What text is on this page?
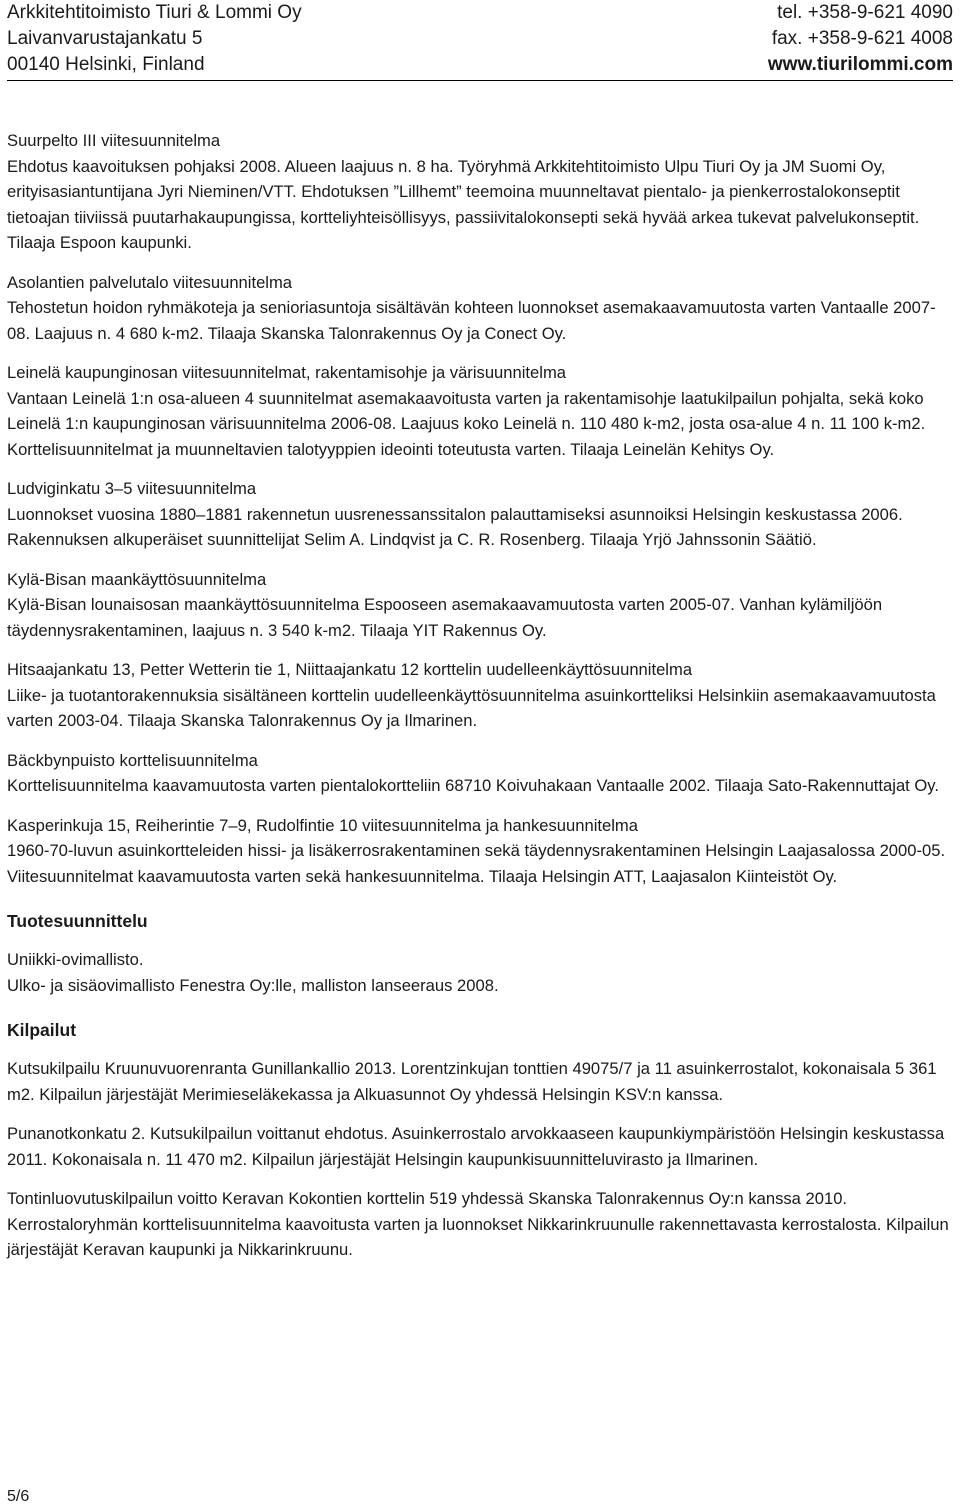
Arkkitehtitoimisto Tiuri & Lommi Oy
Laivanvarustajankatu 5
00140 Helsinki, Finland
tel. +358-9-621 4090
fax. +358-9-621 4008
www.tiurilommi.com

Suurpelto III viitesuunnitelma
Ehdotus kaavoituksen pohjaksi 2008. Alueen laajuus n. 8 ha. Työryhmä Arkkitehtitoimisto Ulpu Tiuri Oy ja JM Suomi Oy, erityisasiantuntijana Jyri Nieminen/VTT. Ehdotuksen ”Lillhemt” teemoina muunneltavat pientalo- ja pienkerrostalokonseptit tietoajan tiiviissä puutarhakaupungissa, kortteliyhteisöllisyys, passiivitalokonsepti sekä hyvää arkea tukevat palvelukonseptit. Tilaaja Espoon kaupunki.

Asolantien palvelutalo viitesuunnitelma
Tehostetun hoidon ryhmäkoteja ja senioriasuntoja sisältävän kohteen luonnokset asemakaavamuutosta varten Vantaalle 2007-08. Laajuus n. 4 680 k-m2. Tilaaja Skanska Talonrakennus Oy ja Conect Oy.

Leinelä kaupunginosan viitesuunnitelmat, rakentamisohje ja värisuunnitelma
Vantaan Leinelä 1:n osa-alueen 4 suunnitelmat asemakaavoitusta varten ja rakentamisohje laatukilpailun pohjalta, sekä koko Leinelä 1:n kaupunginosan värisuunnitelma 2006-08. Laajuus koko Leinelä n. 110 480 k-m2, josta osa-alue 4 n. 11 100 k-m2. Korttelisuunnitelmat ja muunneltavien talotyyppien ideointi toteutusta varten. Tilaaja Leinelän Kehitys Oy.

Ludviginkatu 3–5 viitesuunnitelma
Luonnokset vuosina 1880–1881 rakennetun uusrenessanssitalon palauttamiseksi asunnoiksi Helsingin keskustassa 2006. Rakennuksen alkuperäiset suunnittelijat Selim A. Lindqvist ja C. R. Rosenberg. Tilaaja Yrjö Jahnssonin Säätiö.

Kylä-Bisan maankäyttösuunnitelma
Kylä-Bisan lounaisosan maankäyttösuunnitelma Espooseen asemakaavamuutosta varten 2005-07. Vanhan kylämiljöön täydennysrakentaminen, laajuus n. 3 540 k-m2. Tilaaja YIT Rakennus Oy.

Hitsaajankatu 13, Petter Wetterin tie 1, Niittaajankatu 12 korttelin uudelleenkäyttösuunnitelma
Liike- ja tuotantorakennuksia sisältäneen korttelin uudelleenkäyttösuunnitelma asuinkortteliksi Helsinkiin asemakaavamuutosta varten 2003-04. Tilaaja Skanska Talonrakennus Oy ja Ilmarinen.

Bäckbynpuisto korttelisuunnitelma
Korttelisuunnitelma kaavamuutosta varten pientalokortteliin 68710 Koivuhakaan Vantaalle 2002. Tilaaja Sato-Rakennuttajat Oy.

Kasperinkuja 15, Reiherintie 7–9, Rudolfintie 10 viitesuunnitelma ja hankesuunnitelma
1960-70-luvun asuinkortteleiden hissi- ja lisäkerrosrakentaminen sekä täydennysrakentaminen Helsingin Laajasalossa 2000-05. Viitesuunnitelmat kaavamuutosta varten sekä hankesuunnitelma. Tilaaja Helsingin ATT, Laajasalon Kiinteistöt Oy.

Tuotesuunnittelu

Uniikki-ovimallisto.
Ulko- ja sisäovimallisto Fenestra Oy:lle, malliston lanseeraus 2008.

Kilpailut

Kutsukilpailu Kruunuvuorenranta Gunillankallio 2013. Lorentzinkujan tonttien 49075/7 ja 11 asuinkerrostalot, kokonaisala 5 361 m2. Kilpailun järjestäjät Merimieseläkekassa ja Alkuasunnot Oy yhdessä Helsingin KSV:n kanssa.

Punanotkonkatu 2. Kutsukilpailun voittanut ehdotus. Asuinkerrostalo arvokkaaseen kaupunkiympäristöön Helsingin keskustassa 2011. Kokonaisala n. 11 470 m2. Kilpailun järjestäjät Helsingin kaupunkisuunnitteluvirasto ja Ilmarinen.

Tontinluovutuskilpailun voitto Keravan Kokontien korttelin 519 yhdessä Skanska Talonrakennus Oy:n kanssa 2010. Kerrostaloryhmän korttelisuunnitelma kaavoitusta varten ja luonnokset Nikkarinkruunulle rakennettavasta kerrostalosta. Kilpailun järjestäjät Keravan kaupunki ja Nikkarinkruunu.

5/6
